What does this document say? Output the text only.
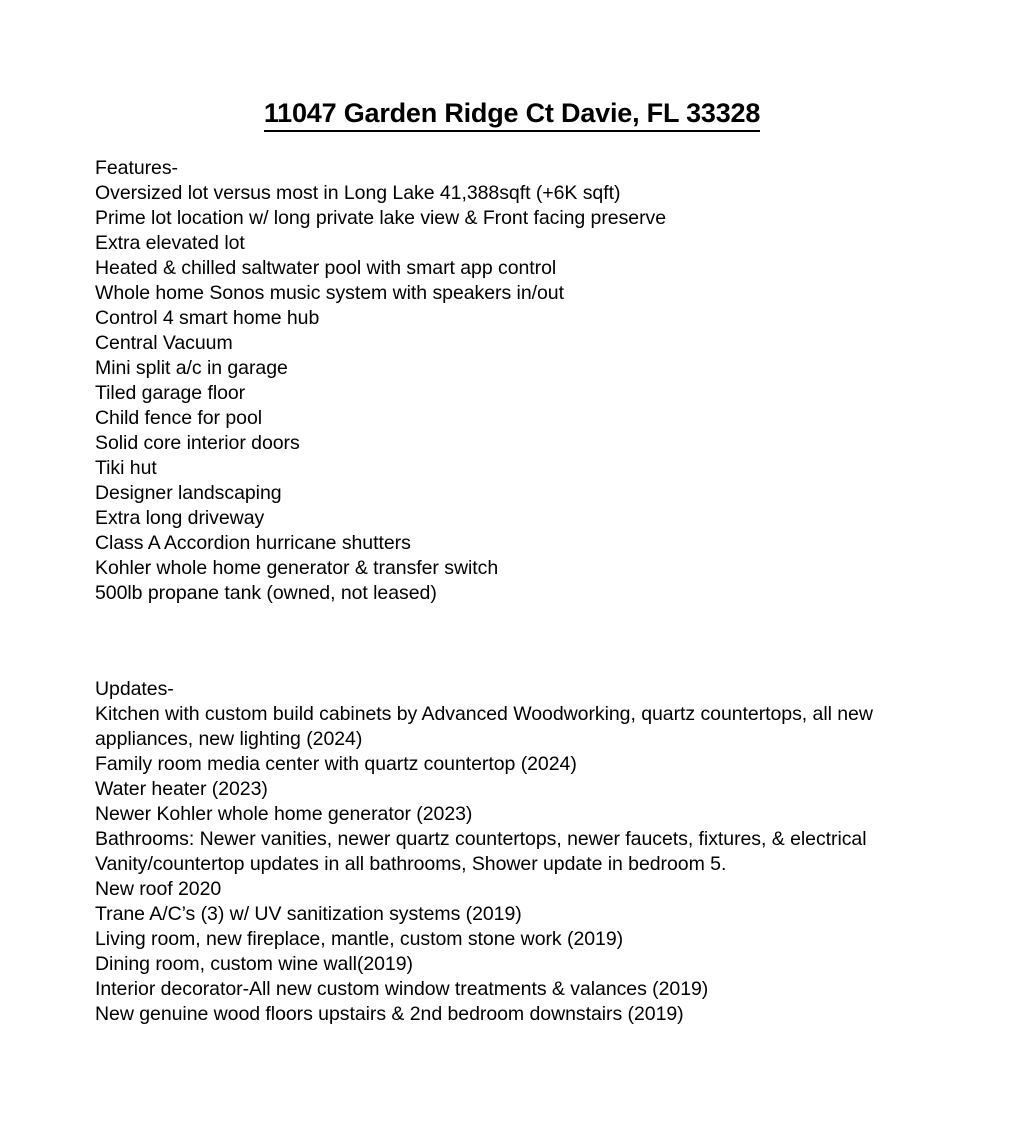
11047 Garden Ridge Ct Davie, FL 33328
Features-
Oversized lot versus most in Long Lake 41,388sqft (+6K sqft)
Prime lot location w/ long private lake view & Front facing preserve
Extra elevated lot
Heated & chilled saltwater pool with smart app control
Whole home Sonos music system with speakers in/out
Control 4 smart home hub
Central Vacuum
Mini split a/c in garage
Tiled garage floor
Child fence for pool
Solid core interior doors
Tiki hut
Designer landscaping
Extra long driveway
Class A Accordion hurricane shutters
Kohler whole home generator & transfer switch
500lb propane tank (owned, not leased)
Updates-
Kitchen with custom build cabinets by Advanced Woodworking, quartz countertops, all new appliances, new lighting (2024)
Family room media center with quartz countertop (2024)
Water heater (2023)
Newer Kohler whole home generator (2023)
Bathrooms: Newer vanities, newer quartz countertops, newer faucets, fixtures, & electrical Vanity/countertop updates in all bathrooms, Shower update in bedroom 5.
New roof 2020
Trane A/C’s (3) w/ UV sanitization systems (2019)
Living room, new fireplace, mantle, custom stone work (2019)
Dining room, custom wine wall(2019)
Interior decorator-All new custom window treatments & valances (2019)
New genuine wood floors upstairs & 2nd bedroom downstairs (2019)
